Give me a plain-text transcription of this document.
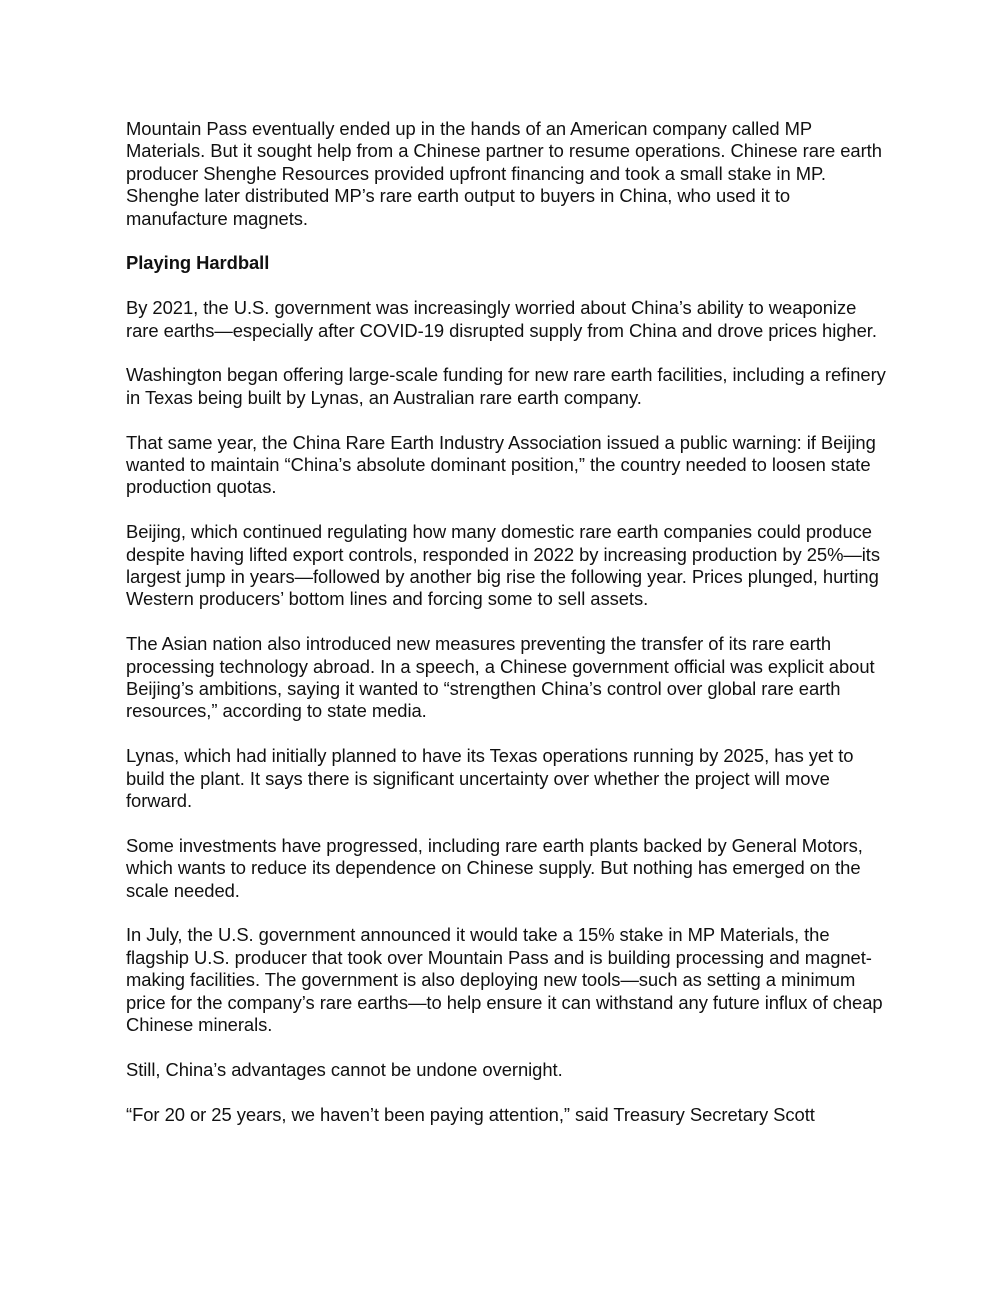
Mountain Pass eventually ended up in the hands of an American company called MP Materials. But it sought help from a Chinese partner to resume operations. Chinese rare earth producer Shenghe Resources provided upfront financing and took a small stake in MP. Shenghe later distributed MP’s rare earth output to buyers in China, who used it to manufacture magnets.

Playing Hardball

By 2021, the U.S. government was increasingly worried about China’s ability to weaponize rare earths—especially after COVID-19 disrupted supply from China and drove prices higher.

Washington began offering large-scale funding for new rare earth facilities, including a refinery in Texas being built by Lynas, an Australian rare earth company.

That same year, the China Rare Earth Industry Association issued a public warning: if Beijing wanted to maintain “China’s absolute dominant position,” the country needed to loosen state production quotas.

Beijing, which continued regulating how many domestic rare earth companies could produce despite having lifted export controls, responded in 2022 by increasing production by 25%—its largest jump in years—followed by another big rise the following year. Prices plunged, hurting Western producers’ bottom lines and forcing some to sell assets.

The Asian nation also introduced new measures preventing the transfer of its rare earth processing technology abroad. In a speech, a Chinese government official was explicit about Beijing’s ambitions, saying it wanted to “strengthen China’s control over global rare earth resources,” according to state media.

Lynas, which had initially planned to have its Texas operations running by 2025, has yet to build the plant. It says there is significant uncertainty over whether the project will move forward.

Some investments have progressed, including rare earth plants backed by General Motors, which wants to reduce its dependence on Chinese supply. But nothing has emerged on the scale needed.

In July, the U.S. government announced it would take a 15% stake in MP Materials, the flagship U.S. producer that took over Mountain Pass and is building processing and magnet-making facilities. The government is also deploying new tools—such as setting a minimum price for the company’s rare earths—to help ensure it can withstand any future influx of cheap Chinese minerals.

Still, China’s advantages cannot be undone overnight.

“For 20 or 25 years, we haven’t been paying attention,” said Treasury Secretary Scott
